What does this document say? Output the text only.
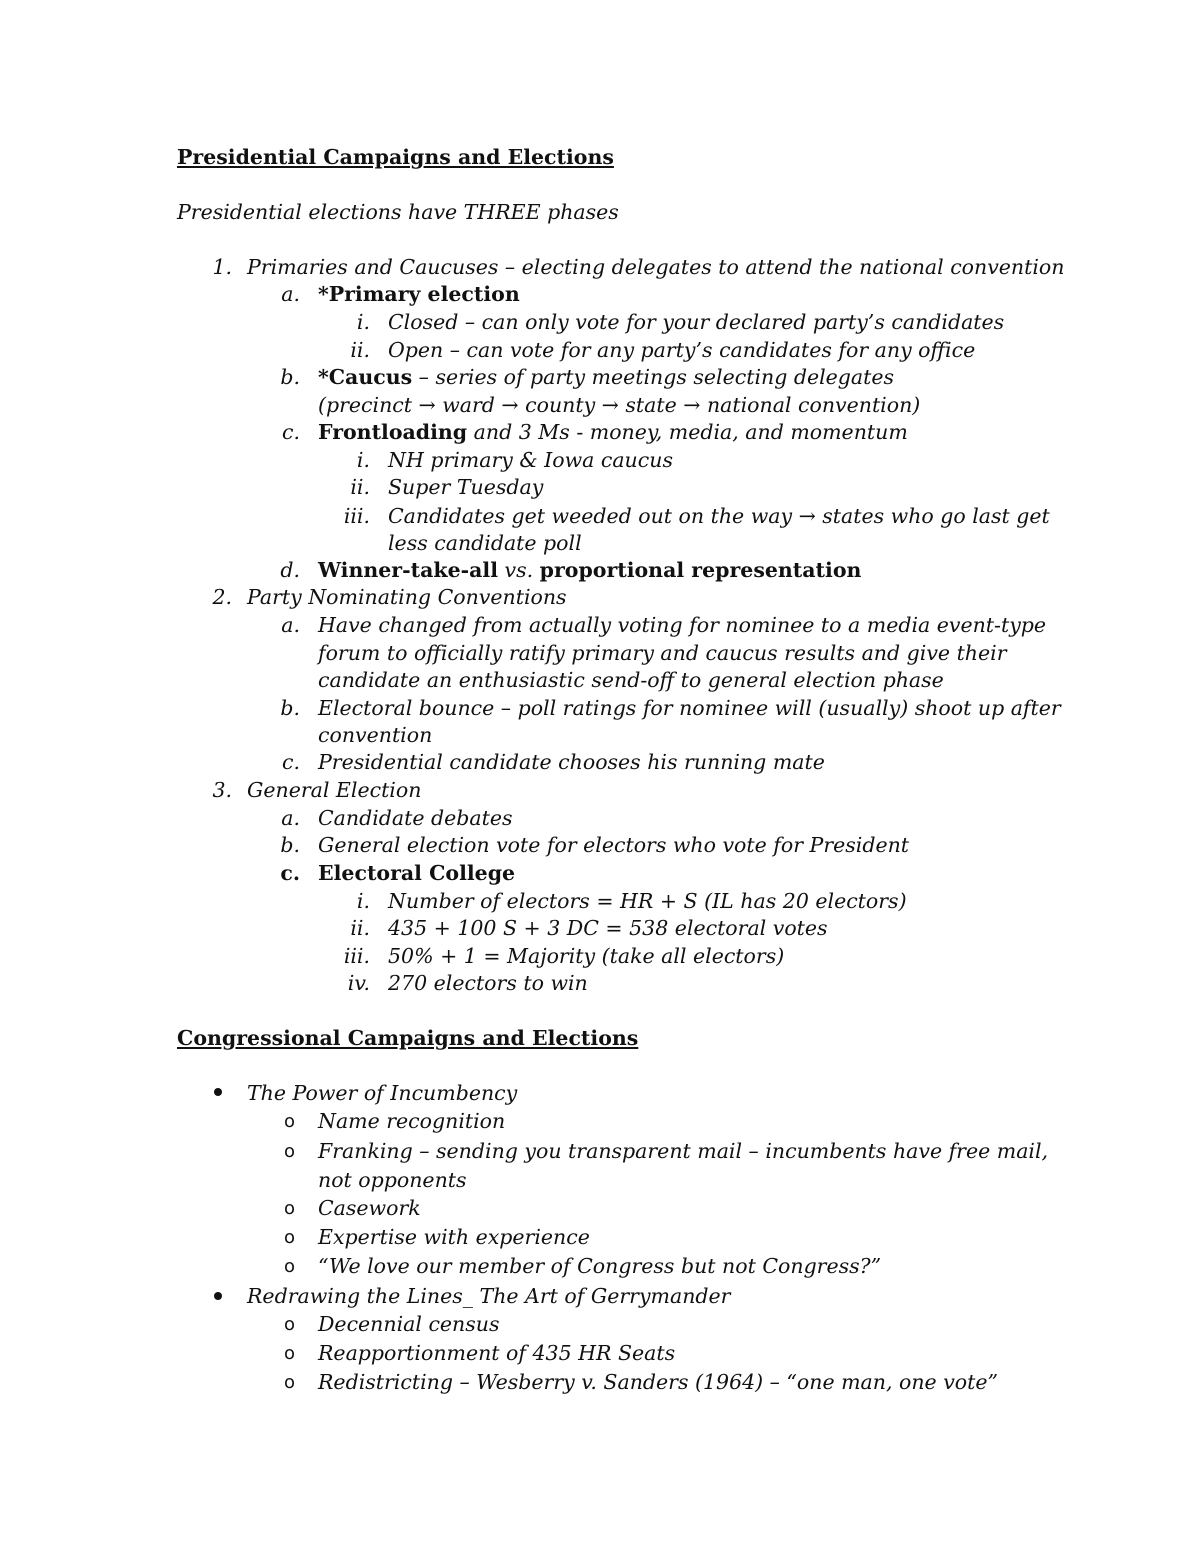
Presidential Campaigns and Elections
Presidential elections have THREE phases
1. Primaries and Caucuses – electing delegates to attend the national convention
a. *Primary election
i. Closed – can only vote for your declared party’s candidates
ii. Open – can vote for any party’s candidates for any office
b. *Caucus – series of party meetings selecting delegates
(precinct → ward → county → state → national convention)
c. Frontloading and 3 Ms - money, media, and momentum
i. NH primary & Iowa caucus
ii. Super Tuesday
iii. Candidates get weeded out on the way → states who go last get
less candidate poll
d. Winner-take-all vs. proportional representation
2. Party Nominating Conventions
a. Have changed from actually voting for nominee to a media event-type
forum to officially ratify primary and caucus results and give their
candidate an enthusiastic send-off to general election phase
b. Electoral bounce – poll ratings for nominee will (usually) shoot up after
convention
c. Presidential candidate chooses his running mate
3. General Election
a. Candidate debates
b. General election vote for electors who vote for President
c. Electoral College
i. Number of electors = HR + S (IL has 20 electors)
ii. 435 + 100 S + 3 DC = 538 electoral votes
iii. 50% + 1 = Majority (take all electors)
iv. 270 electors to win
Congressional Campaigns and Elections
The Power of Incumbency
o Name recognition
o Franking – sending you transparent mail – incumbents have free mail,
not opponents
o Casework
o Expertise with experience
o “We love our member of Congress but not Congress?”
Redrawing the Lines_ The Art of Gerrymander
o Decennial census
o Reapportionment of 435 HR Seats
o Redistricting – Wesberry v. Sanders (1964) – “one man, one vote”
